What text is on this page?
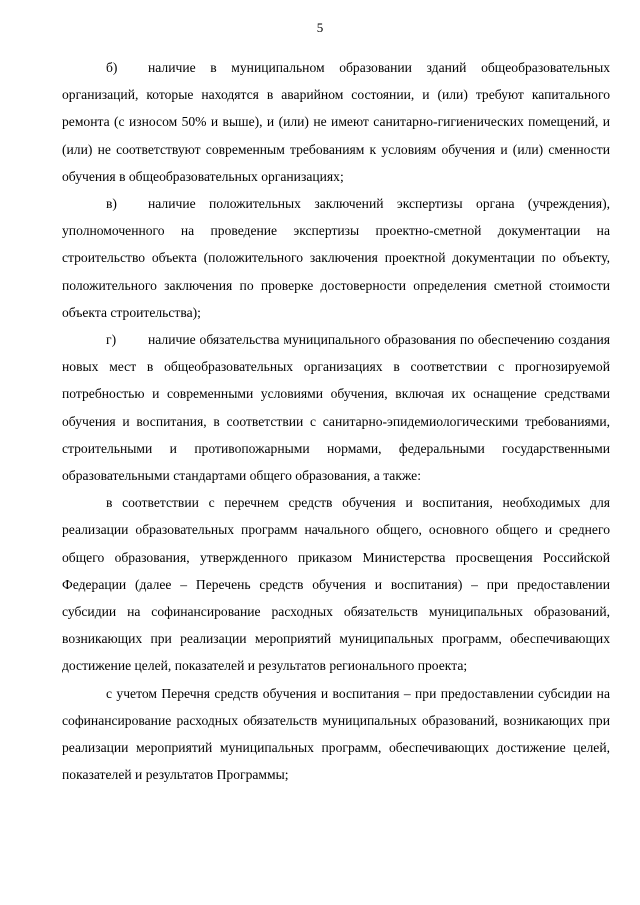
5

б) наличие в муниципальном образовании зданий общеобразовательных организаций, которые находятся в аварийном состоянии, и (или) требуют капитального ремонта (с износом 50% и выше), и (или) не имеют санитарно-гигиенических помещений, и (или) не соответствуют современным требованиям к условиям обучения и (или) сменности обучения в общеобразовательных организациях;

в) наличие положительных заключений экспертизы органа (учреждения), уполномоченного на проведение экспертизы проектно-сметной документации на строительство объекта (положительного заключения проектной документации по объекту, положительного заключения по проверке достоверности определения сметной стоимости объекта строительства);

г) наличие обязательства муниципального образования по обеспечению создания новых мест в общеобразовательных организациях в соответствии с прогнозируемой потребностью и современными условиями обучения, включая их оснащение средствами обучения и воспитания, в соответствии с санитарно-эпидемиологическими требованиями, строительными и противопожарными нормами, федеральными государственными образовательными стандартами общего образования, а также:

в соответствии с перечнем средств обучения и воспитания, необходимых для реализации образовательных программ начального общего, основного общего и среднего общего образования, утвержденного приказом Министерства просвещения Российской Федерации (далее – Перечень средств обучения и воспитания) – при предоставлении субсидии на софинансирование расходных обязательств муниципальных образований, возникающих при реализации мероприятий муниципальных программ, обеспечивающих достижение целей, показателей и результатов регионального проекта;

с учетом Перечня средств обучения и воспитания – при предоставлении субсидии на софинансирование расходных обязательств муниципальных образований, возникающих при реализации мероприятий муниципальных программ, обеспечивающих достижение целей, показателей и результатов Программы;
